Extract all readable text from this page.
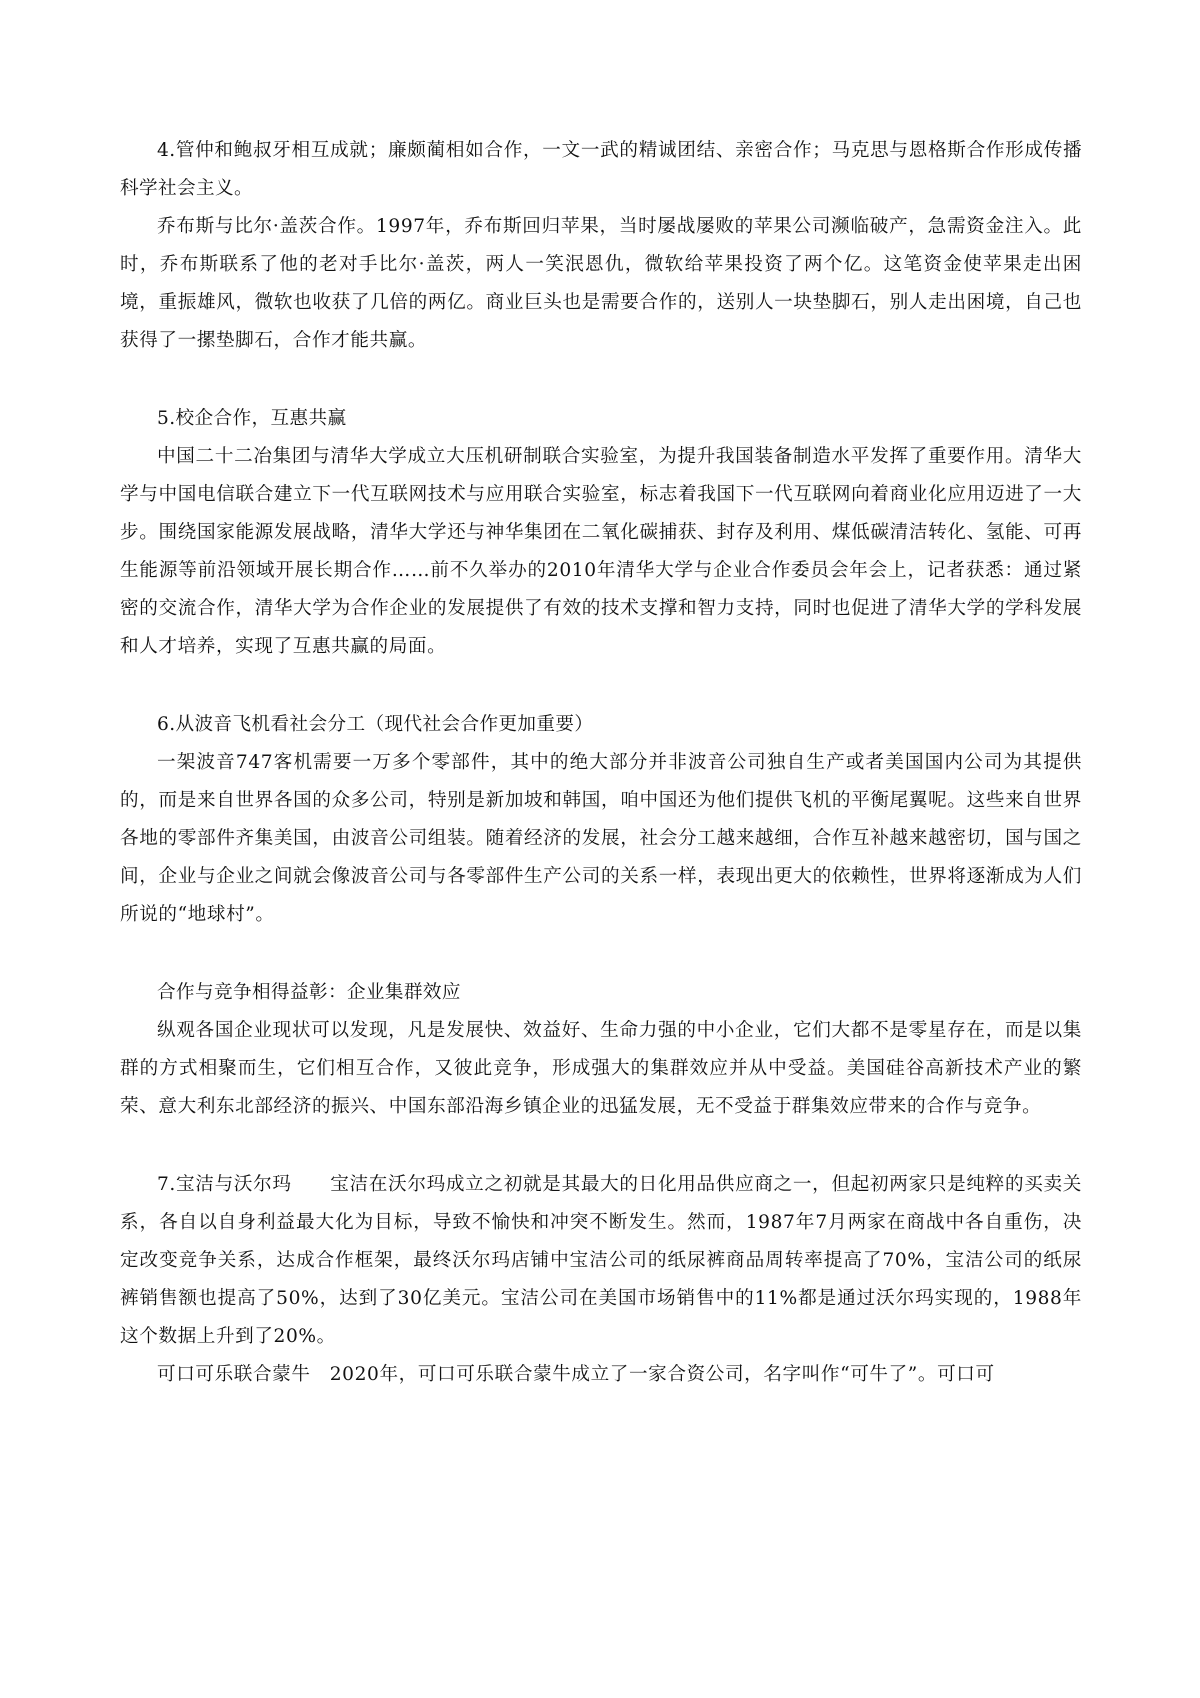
4.管仲和鲍叔牙相互成就；廉颇蔺相如合作，一文一武的精诚团结、亲密合作；马克思与恩格斯合作形成传播科学社会主义。

乔布斯与比尔·盖茨合作。1997年，乔布斯回归苹果，当时屡战屡败的苹果公司濒临破产，急需资金注入。此时，乔布斯联系了他的老对手比尔·盖茨，两人一笑泯恩仇，微软给苹果投资了两个亿。这笔资金使苹果走出困境，重振雄风，微软也收获了几倍的两亿。商业巨头也是需要合作的，送别人一块垫脚石，别人走出困境，自己也获得了一摞垫脚石，合作才能共赢。

5.校企合作，互惠共赢

中国二十二冶集团与清华大学成立大压机研制联合实验室，为提升我国装备制造水平发挥了重要作用。清华大学与中国电信联合建立下一代互联网技术与应用联合实验室，标志着我国下一代互联网向着商业化应用迈进了一大步。围绕国家能源发展战略，清华大学还与神华集团在二氧化碳捕获、封存及利用、煤低碳清洁转化、氢能、可再生能源等前沿领域开展长期合作……前不久举办的2010年清华大学与企业合作委员会年会上，记者获悉：通过紧密的交流合作，清华大学为合作企业的发展提供了有效的技术支撑和智力支持，同时也促进了清华大学的学科发展和人才培养，实现了互惠共赢的局面。

6.从波音飞机看社会分工（现代社会合作更加重要）

一架波音747客机需要一万多个零部件，其中的绝大部分并非波音公司独自生产或者美国国内公司为其提供的，而是来自世界各国的众多公司，特别是新加坡和韩国，咱中国还为他们提供飞机的平衡尾翼呢。这些来自世界各地的零部件齐集美国，由波音公司组装。随着经济的发展，社会分工越来越细，合作互补越来越密切，国与国之间，企业与企业之间就会像波音公司与各零部件生产公司的关系一样，表现出更大的依赖性，世界将逐渐成为人们所说的“地球村”。

合作与竞争相得益彰：企业集群效应

纵观各国企业现状可以发现，凡是发展快、效益好、生命力强的中小企业，它们大都不是零星存在，而是以集群的方式相聚而生，它们相互合作，又彼此竞争，形成强大的集群效应并从中受益。美国硅谷高新技术产业的繁荣、意大利东北部经济的振兴、中国东部沿海乡镇企业的迅猛发展，无不受益于群集效应带来的合作与竞争。

7.宝洁与沃尔玛　　宝洁在沃尔玛成立之初就是其最大的日化用品供应商之一，但起初两家只是纯粹的买卖关系，各自以自身利益最大化为目标，导致不愉快和冲突不断发生。然而，1987年7月两家在商战中各自重伤，决定改变竞争关系，达成合作框架，最终沃尔玛店铺中宝洁公司的纸尿裤商品周转率提高了70%，宝洁公司的纸尿裤销售额也提高了50%，达到了30亿美元。宝洁公司在美国市场销售中的11%都是通过沃尔玛实现的，1988年这个数据上升到了20%。

可口可乐联合蒙牛　2020年，可口可乐联合蒙牛成立了一家合资公司，名字叫作“可牛了”。可口可
